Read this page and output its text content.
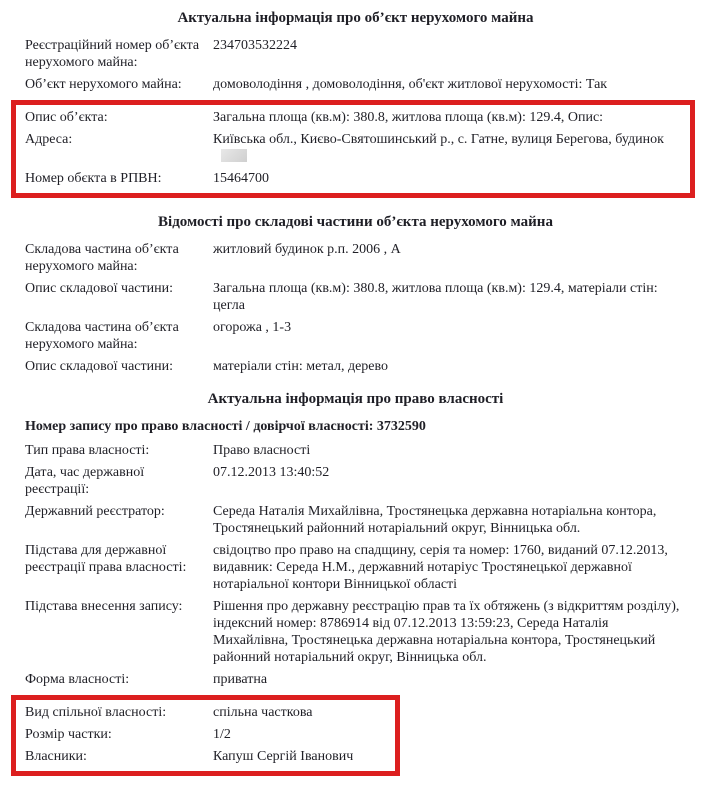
Актуальна інформація про об’єкт нерухомого майна
Реєстраційний номер об’єкта нерухомого майна:
234703532224
Об’єкт нерухомого майна:	домоволодіння , домоволодіння, об'єкт житлової нерухомості: Так
Опис об’єкта:	Загальна площа (кв.м): 380.8, житлова площа (кв.м): 129.4, Опис:
Адреса:	Київська обл., Києво-Святошинський р., с. Гатне, вулиця Берегова, будинок
Номер обєкта в РПВН:	15464700
Відомості про складові частини об’єкта нерухомого майна
Складова частина об’єкта нерухомого майна:
житловий будинок р.п. 2006 , А
Опис складової частини:	Загальна площа (кв.м): 380.8, житлова площа (кв.м): 129.4, матеріали стін: цегла
Складова частина об’єкта нерухомого майна:
огорожа , 1-3
Опис складової частини:	матеріали стін: метал, дерево
Актуальна інформація про право власності
Номер запису про право власності / довірчої власності: 3732590
Тип права власності:	Право власності
Дата, час державної реєстрації:
07.12.2013 13:40:52
Державний реєстратор:	Середа Наталія Михайлівна, Тростянецька державна нотаріальна контора, Тростянецький районний нотаріальний округ, Вінницька обл.
Підстава для державної реєстрації права власності:
свідоцтво про право на спадщину, серія та номер: 1760, виданий 07.12.2013, видавник: Середа Н.М., державний нотаріус Тростянецької державної нотаріальної контори Вінницької області
Підстава внесення запису:	Рішення про державну реєстрацію прав та їх обтяжень (з відкриттям розділу), індексний номер: 8786914 від 07.12.2013 13:59:23, Середа Наталія Михайлівна, Тростянецька державна нотаріальна контора, Тростянецький районний нотаріальний округ, Вінницька обл.
Форма власності:	приватна
Вид спільної власності:	спільна часткова
Розмір частки:	1/2
Власники:	Капуш Сергій Іванович
